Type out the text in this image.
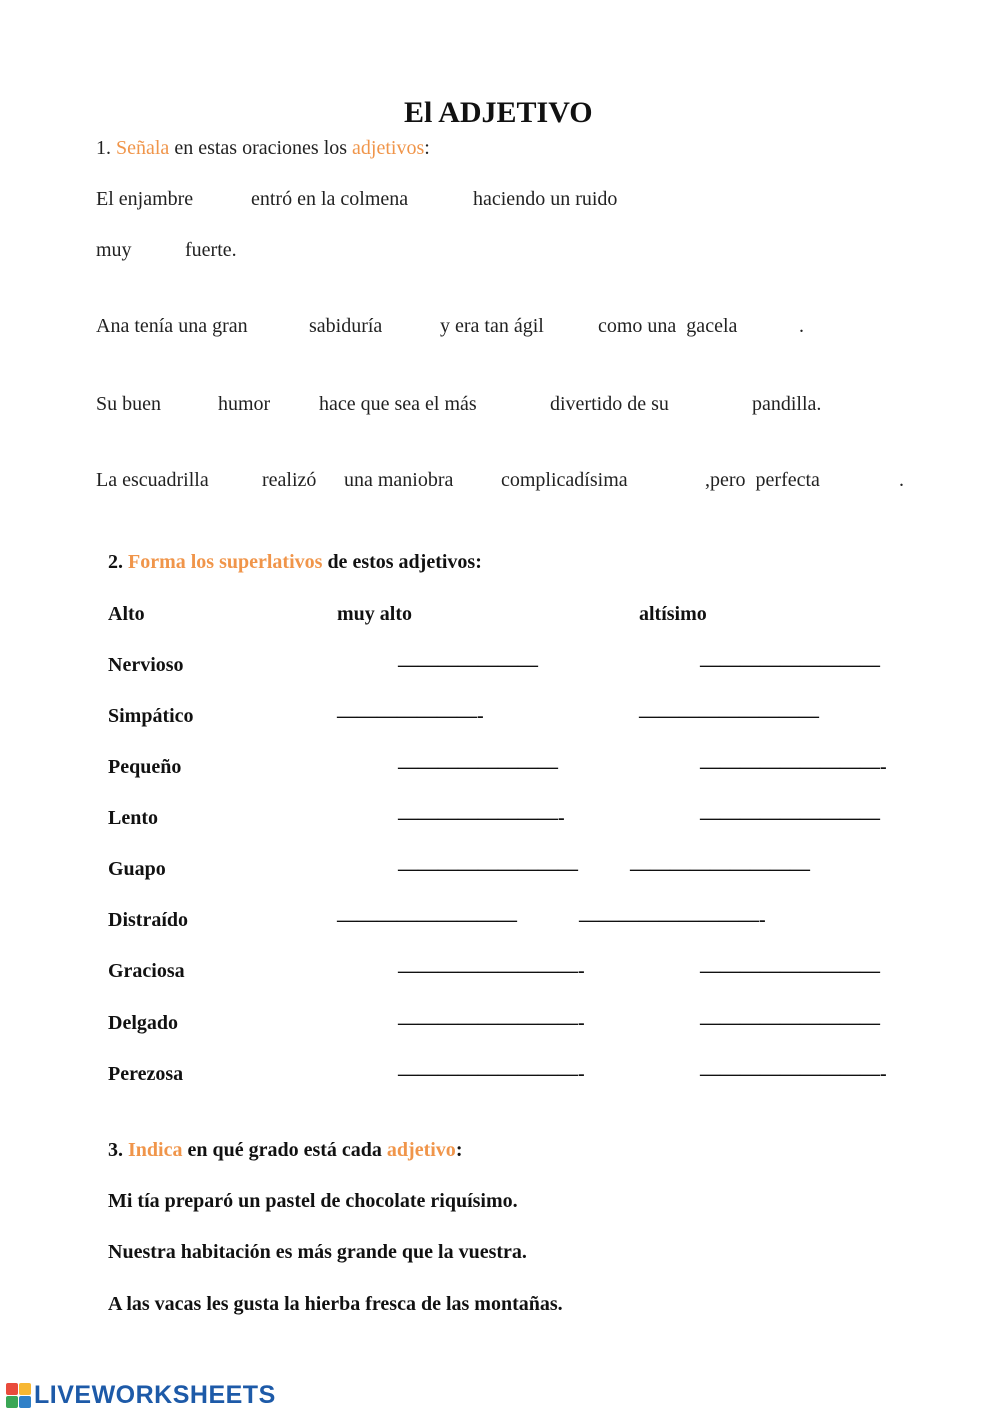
El ADJETIVO
1. Señala en estas oraciones los adjetivos:
El enjambre	entró en la colmena	haciendo un ruido
muy	fuerte.
Ana tenía una gran	sabiduría	y era tan ágil	como una  gacela	.
Su buen	humor hace que sea el más	divertido de su	pandilla.
La escuadrilla	realizó una maniobra complicadísima	,pero  perfecta	.
2. Forma los superlativos de estos adjetivos:
Alto	muy alto	altísimo
Nervioso	———————	—————————
Simpático	———————-	—————————
Pequeño	————————	—————————-
Lento	————————-	—————————
Guapo	—————————	—————————
Distraído	—————————	—————————-
Graciosa	—————————-	—————————
Delgado	—————————-	—————————
Perezosa	—————————-	—————————-
3. Indica en qué grado está cada adjetivo:
Mi tía preparó un pastel de chocolate riquísimo.
Nuestra habitación es más grande que la vuestra.
A las vacas les gusta la hierba fresca de las montañas.
LIVEWORKSHEETS
